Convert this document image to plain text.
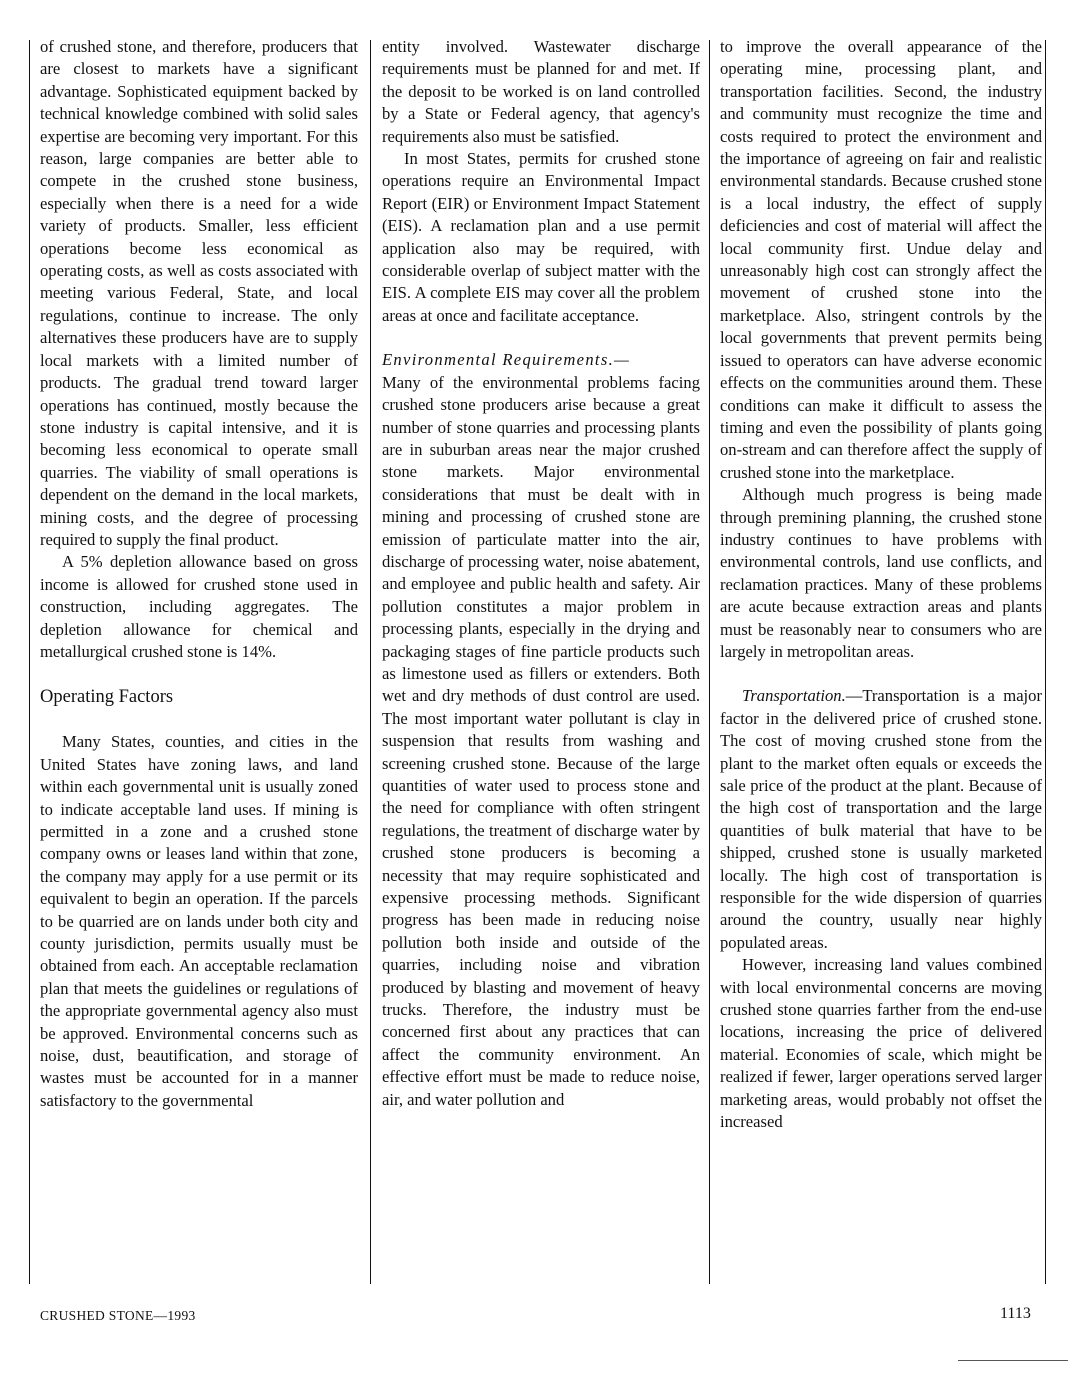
of crushed stone, and therefore, producers that are closest to markets have a significant advantage. Sophisticated equipment backed by technical knowledge combined with solid sales expertise are becoming very important. For this reason, large companies are better able to compete in the crushed stone business, especially when there is a need for a wide variety of products. Smaller, less efficient operations become less economical as operating costs, as well as costs associated with meeting various Federal, State, and local regulations, continue to increase. The only alternatives these producers have are to supply local markets with a limited number of products. The gradual trend toward larger operations has continued, mostly because the stone industry is capital intensive, and it is becoming less economical to operate small quarries. The viability of small operations is dependent on the demand in the local markets, mining costs, and the degree of processing required to supply the final product.

A 5% depletion allowance based on gross income is allowed for crushed stone used in construction, including aggregates. The depletion allowance for chemical and metallurgical crushed stone is 14%.

Operating Factors

Many States, counties, and cities in the United States have zoning laws, and land within each governmental unit is usually zoned to indicate acceptable land uses. If mining is permitted in a zone and a crushed stone company owns or leases land within that zone, the company may apply for a use permit or its equivalent to begin an operation. If the parcels to be quarried are on lands under both city and county jurisdiction, permits usually must be obtained from each. An acceptable reclamation plan that meets the guidelines or regulations of the appropriate governmental agency also must be approved. Environmental concerns such as noise, dust, beautification, and storage of wastes must be accounted for in a manner satisfactory to the governmental

entity involved. Wastewater discharge requirements must be planned for and met. If the deposit to be worked is on land controlled by a State or Federal agency, that agency's requirements also must be satisfied.

In most States, permits for crushed stone operations require an Environmental Impact Report (EIR) or Environment Impact Statement (EIS). A reclamation plan and a use permit application also may be required, with considerable overlap of subject matter with the EIS. A complete EIS may cover all the problem areas at once and facilitate acceptance.

Environmental Requirements.—
Many of the environmental problems facing crushed stone producers arise because a great number of stone quarries and processing plants are in suburban areas near the major crushed stone markets. Major environmental considerations that must be dealt with in mining and processing of crushed stone are emission of particulate matter into the air, discharge of processing water, noise abatement, and employee and public health and safety. Air pollution constitutes a major problem in processing plants, especially in the drying and packaging stages of fine particle products such as limestone used as fillers or extenders. Both wet and dry methods of dust control are used. The most important water pollutant is clay in suspension that results from washing and screening crushed stone. Because of the large quantities of water used to process stone and the need for compliance with often stringent regulations, the treatment of discharge water by crushed stone producers is becoming a necessity that may require sophisticated and expensive processing methods. Significant progress has been made in reducing noise pollution both inside and outside of the quarries, including noise and vibration produced by blasting and movement of heavy trucks. Therefore, the industry must be concerned first about any practices that can affect the community environment. An effective effort must be made to reduce noise, air, and water pollution and

to improve the overall appearance of the operating mine, processing plant, and transportation facilities. Second, the industry and community must recognize the time and costs required to protect the environment and the importance of agreeing on fair and realistic environmental standards. Because crushed stone is a local industry, the effect of supply deficiencies and cost of material will affect the local community first. Undue delay and unreasonably high cost can strongly affect the movement of crushed stone into the marketplace. Also, stringent controls by the local governments that prevent permits being issued to operators can have adverse economic effects on the communities around them. These conditions can make it difficult to assess the timing and even the possibility of plants going on-stream and can therefore affect the supply of crushed stone into the marketplace.

Although much progress is being made through premining planning, the crushed stone industry continues to have problems with environmental controls, land use conflicts, and reclamation practices. Many of these problems are acute because extraction areas and plants must be reasonably near to consumers who are largely in metropolitan areas.

Transportation.—Transportation is a major factor in the delivered price of crushed stone. The cost of moving crushed stone from the plant to the market often equals or exceeds the sale price of the product at the plant. Because of the high cost of transportation and the large quantities of bulk material that have to be shipped, crushed stone is usually marketed locally. The high cost of transportation is responsible for the wide dispersion of quarries around the country, usually near highly populated areas.

However, increasing land values combined with local environmental concerns are moving crushed stone quarries farther from the end-use locations, increasing the price of delivered material. Economies of scale, which might be realized if fewer, larger operations served larger marketing areas, would probably not offset the increased

CRUSHED STONE—1993	1113
